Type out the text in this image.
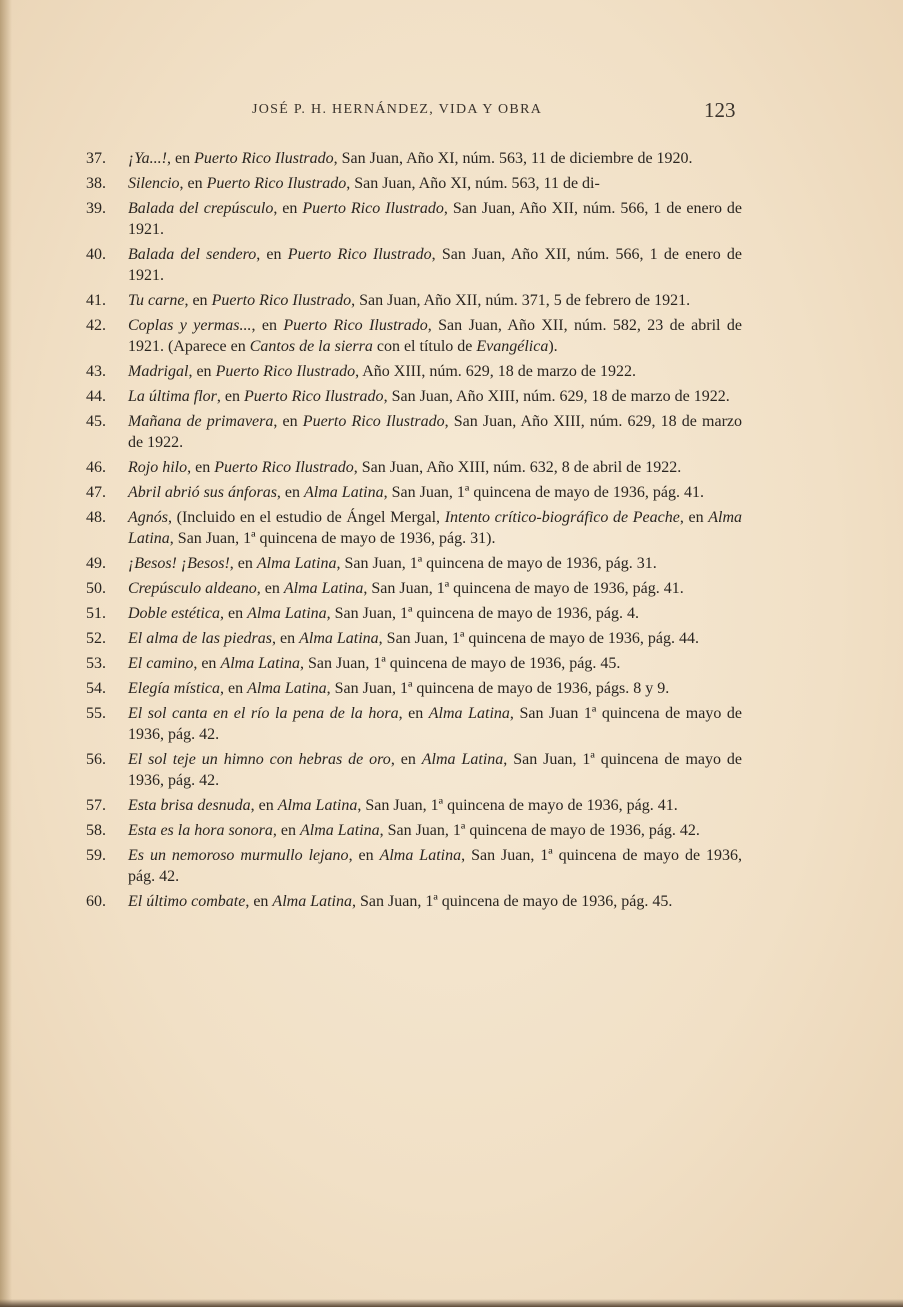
JOSÉ P. H. HERNÁNDEZ, VIDA Y OBRA	123
37.	¡Ya...!, en Puerto Rico Ilustrado, San Juan, Año XI, núm. 563, 11 de diciembre de 1920.
38.	Silencio, en Puerto Rico Ilustrado, San Juan, Año XI, núm. 563, 11 de di-
39.	Balada del crepúsculo, en Puerto Rico Ilustrado, San Juan, Año XII, núm. 566, 1 de enero de 1921.
40.	Balada del sendero, en Puerto Rico Ilustrado, San Juan, Año XII, núm. 566, 1 de enero de 1921.
41.	Tu carne, en Puerto Rico Ilustrado, San Juan, Año XII, núm. 371, 5 de febrero de 1921.
42.	Coplas y yermas..., en Puerto Rico Ilustrado, San Juan, Año XII, núm. 582, 23 de abril de 1921. (Aparece en Cantos de la sierra con el título de Evangélica).
43.	Madrigal, en Puerto Rico Ilustrado, Año XIII, núm. 629, 18 de marzo de 1922.
44.	La última flor, en Puerto Rico Ilustrado, San Juan, Año XIII, núm. 629, 18 de marzo de 1922.
45.	Mañana de primavera, en Puerto Rico Ilustrado, San Juan, Año XIII, núm. 629, 18 de marzo de 1922.
46.	Rojo hilo, en Puerto Rico Ilustrado, San Juan, Año XIII, núm. 632, 8 de abril de 1922.
47.	Abril abrió sus ánforas, en Alma Latina, San Juan, 1ª quincena de mayo de 1936, pág. 41.
48.	Agnós, (Incluido en el estudio de Ángel Mergal, Intento crítico-biográfico de Peache, en Alma Latina, San Juan, 1ª quincena de mayo de 1936, pág. 31).
49.	¡Besos! ¡Besos!, en Alma Latina, San Juan, 1ª quincena de mayo de 1936, pág. 31.
50.	Crepúsculo aldeano, en Alma Latina, San Juan, 1ª quincena de mayo de 1936, pág. 41.
51.	Doble estética, en Alma Latina, San Juan, 1ª quincena de mayo de 1936, pág. 4.
52.	El alma de las piedras, en Alma Latina, San Juan, 1ª quincena de mayo de 1936, pág. 44.
53.	El camino, en Alma Latina, San Juan, 1ª quincena de mayo de 1936, pág. 45.
54.	Elegía mística, en Alma Latina, San Juan, 1ª quincena de mayo de 1936, págs. 8 y 9.
55.	El sol canta en el río la pena de la hora, en Alma Latina, San Juan 1ª quincena de mayo de 1936, pág. 42.
56.	El sol teje un himno con hebras de oro, en Alma Latina, San Juan, 1ª quincena de mayo de 1936, pág. 42.
57.	Esta brisa desnuda, en Alma Latina, San Juan, 1ª quincena de mayo de 1936, pág. 41.
58.	Esta es la hora sonora, en Alma Latina, San Juan, 1ª quincena de mayo de 1936, pág. 42.
59.	Es un nemoroso murmullo lejano, en Alma Latina, San Juan, 1ª quincena de mayo de 1936, pág. 42.
60.	El último combate, en Alma Latina, San Juan, 1ª quincena de mayo de 1936, pág. 45.
